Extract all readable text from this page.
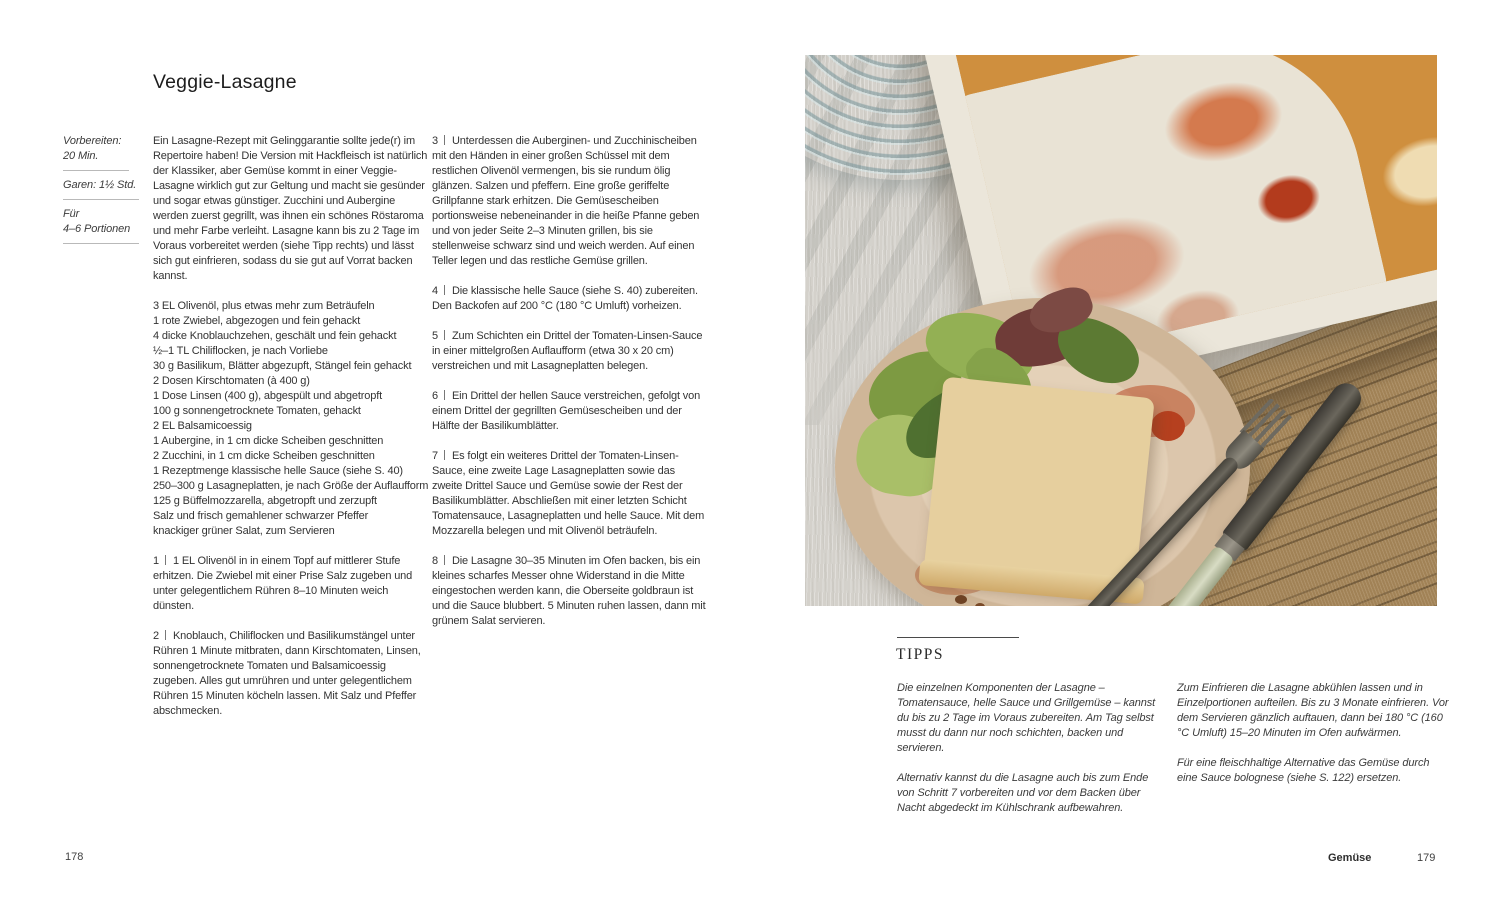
Veggie-Lasagne
Vorbereiten:
20 Min.
Garen: 1½ Std.
Für
4–6 Portionen

Ein Lasagne-Rezept mit Gelinggarantie sollte jede(r) im Repertoire haben! Die Version mit Hackfleisch ist natürlich der Klassiker, aber Gemüse kommt in einer Veggie-Lasagne wirklich gut zur Geltung und macht sie gesünder und sogar etwas günstiger. Zucchini und Aubergine werden zuerst gegrillt, was ihnen ein schönes Röstaroma und mehr Farbe verleiht. Lasagne kann bis zu 2 Tage im Voraus vorbereitet werden (siehe Tipp rechts) und lässt sich gut einfrieren, sodass du sie gut auf Vorrat backen kannst.

3 EL Olivenöl, plus etwas mehr zum Beträufeln
1 rote Zwiebel, abgezogen und fein gehackt
4 dicke Knoblauchzehen, geschält und fein gehackt
½–1 TL Chiliflocken, je nach Vorliebe
30 g Basilikum, Blätter abgezupft, Stängel fein gehackt
2 Dosen Kirschtomaten (à 400 g)
1 Dose Linsen (400 g), abgespült und abgetropft
100 g sonnengetrocknete Tomaten, gehackt
2 EL Balsamicoessig
1 Aubergine, in 1 cm dicke Scheiben geschnitten
2 Zucchini, in 1 cm dicke Scheiben geschnitten
1 Rezeptmenge klassische helle Sauce (siehe S. 40)
250–300 g Lasagneplatten, je nach Größe der Auflaufform
125 g Büffelmozzarella, abgetropft und zerzupft
Salz und frisch gemahlener schwarzer Pfeffer
knackiger grüner Salat, zum Servieren

1 1 EL Olivenöl in in einem Topf auf mittlerer Stufe erhitzen. Die Zwiebel mit einer Prise Salz zugeben und unter gelegentlichem Rühren 8–10 Minuten weich dünsten.

2 Knoblauch, Chiliflocken und Basilikumstängel unter Rühren 1 Minute mitbraten, dann Kirschtomaten, Linsen, sonnengetrocknete Tomaten und Balsamicoessig zugeben. Alles gut umrühren und unter gelegentlichem Rühren 15 Minuten köcheln lassen. Mit Salz und Pfeffer abschmecken.

3 Unterdessen die Auberginen- und Zucchinischeiben mit den Händen in einer großen Schüssel mit dem restlichen Olivenöl vermengen, bis sie rundum ölig glänzen. Salzen und pfeffern. Eine große geriffelte Grillpfanne stark erhitzen. Die Gemüsescheiben portionsweise nebeneinander in die heiße Pfanne geben und von jeder Seite 2–3 Minuten grillen, bis sie stellenweise schwarz sind und weich werden. Auf einen Teller legen und das restliche Gemüse grillen.

4 Die klassische helle Sauce (siehe S. 40) zubereiten. Den Backofen auf 200 °C (180 °C Umluft) vorheizen.

5 Zum Schichten ein Drittel der Tomaten-Linsen-Sauce in einer mittelgroßen Auflaufform (etwa 30 x 20 cm) verstreichen und mit Lasagneplatten belegen.

6 Ein Drittel der hellen Sauce verstreichen, gefolgt von einem Drittel der gegrillten Gemüsescheiben und der Hälfte der Basilikumblätter.

7 Es folgt ein weiteres Drittel der Tomaten-Linsen-Sauce, eine zweite Lage Lasagneplatten sowie das zweite Drittel Sauce und Gemüse sowie der Rest der Basilikumblätter. Abschließen mit einer letzten Schicht Tomatensauce, Lasagneplatten und helle Sauce. Mit dem Mozzarella belegen und mit Olivenöl beträufeln.

8 Die Lasagne 30–35 Minuten im Ofen backen, bis ein kleines scharfes Messer ohne Widerstand in die Mitte eingestochen werden kann, die Oberseite goldbraun ist und die Sauce blubbert. 5 Minuten ruhen lassen, dann mit grünem Salat servieren.

178
TIPPS

Die einzelnen Komponenten der Lasagne – Tomatensauce, helle Sauce und Grillgemüse – kannst du bis zu 2 Tage im Voraus zubereiten. Am Tag selbst musst du dann nur noch schichten, backen und servieren.

Alternativ kannst du die Lasagne auch bis zum Ende von Schritt 7 vorbereiten und vor dem Backen über Nacht abgedeckt im Kühlschrank aufbewahren.

Zum Einfrieren die Lasagne abkühlen lassen und in Einzelportionen aufteilen. Bis zu 3 Monate einfrieren. Vor dem Servieren gänzlich auftauen, dann bei 180 °C (160 °C Umluft) 15–20 Minuten im Ofen aufwärmen.

Für eine fleischhaltige Alternative das Gemüse durch eine Sauce bolognese (siehe S. 122) ersetzen.

Gemüse	179
